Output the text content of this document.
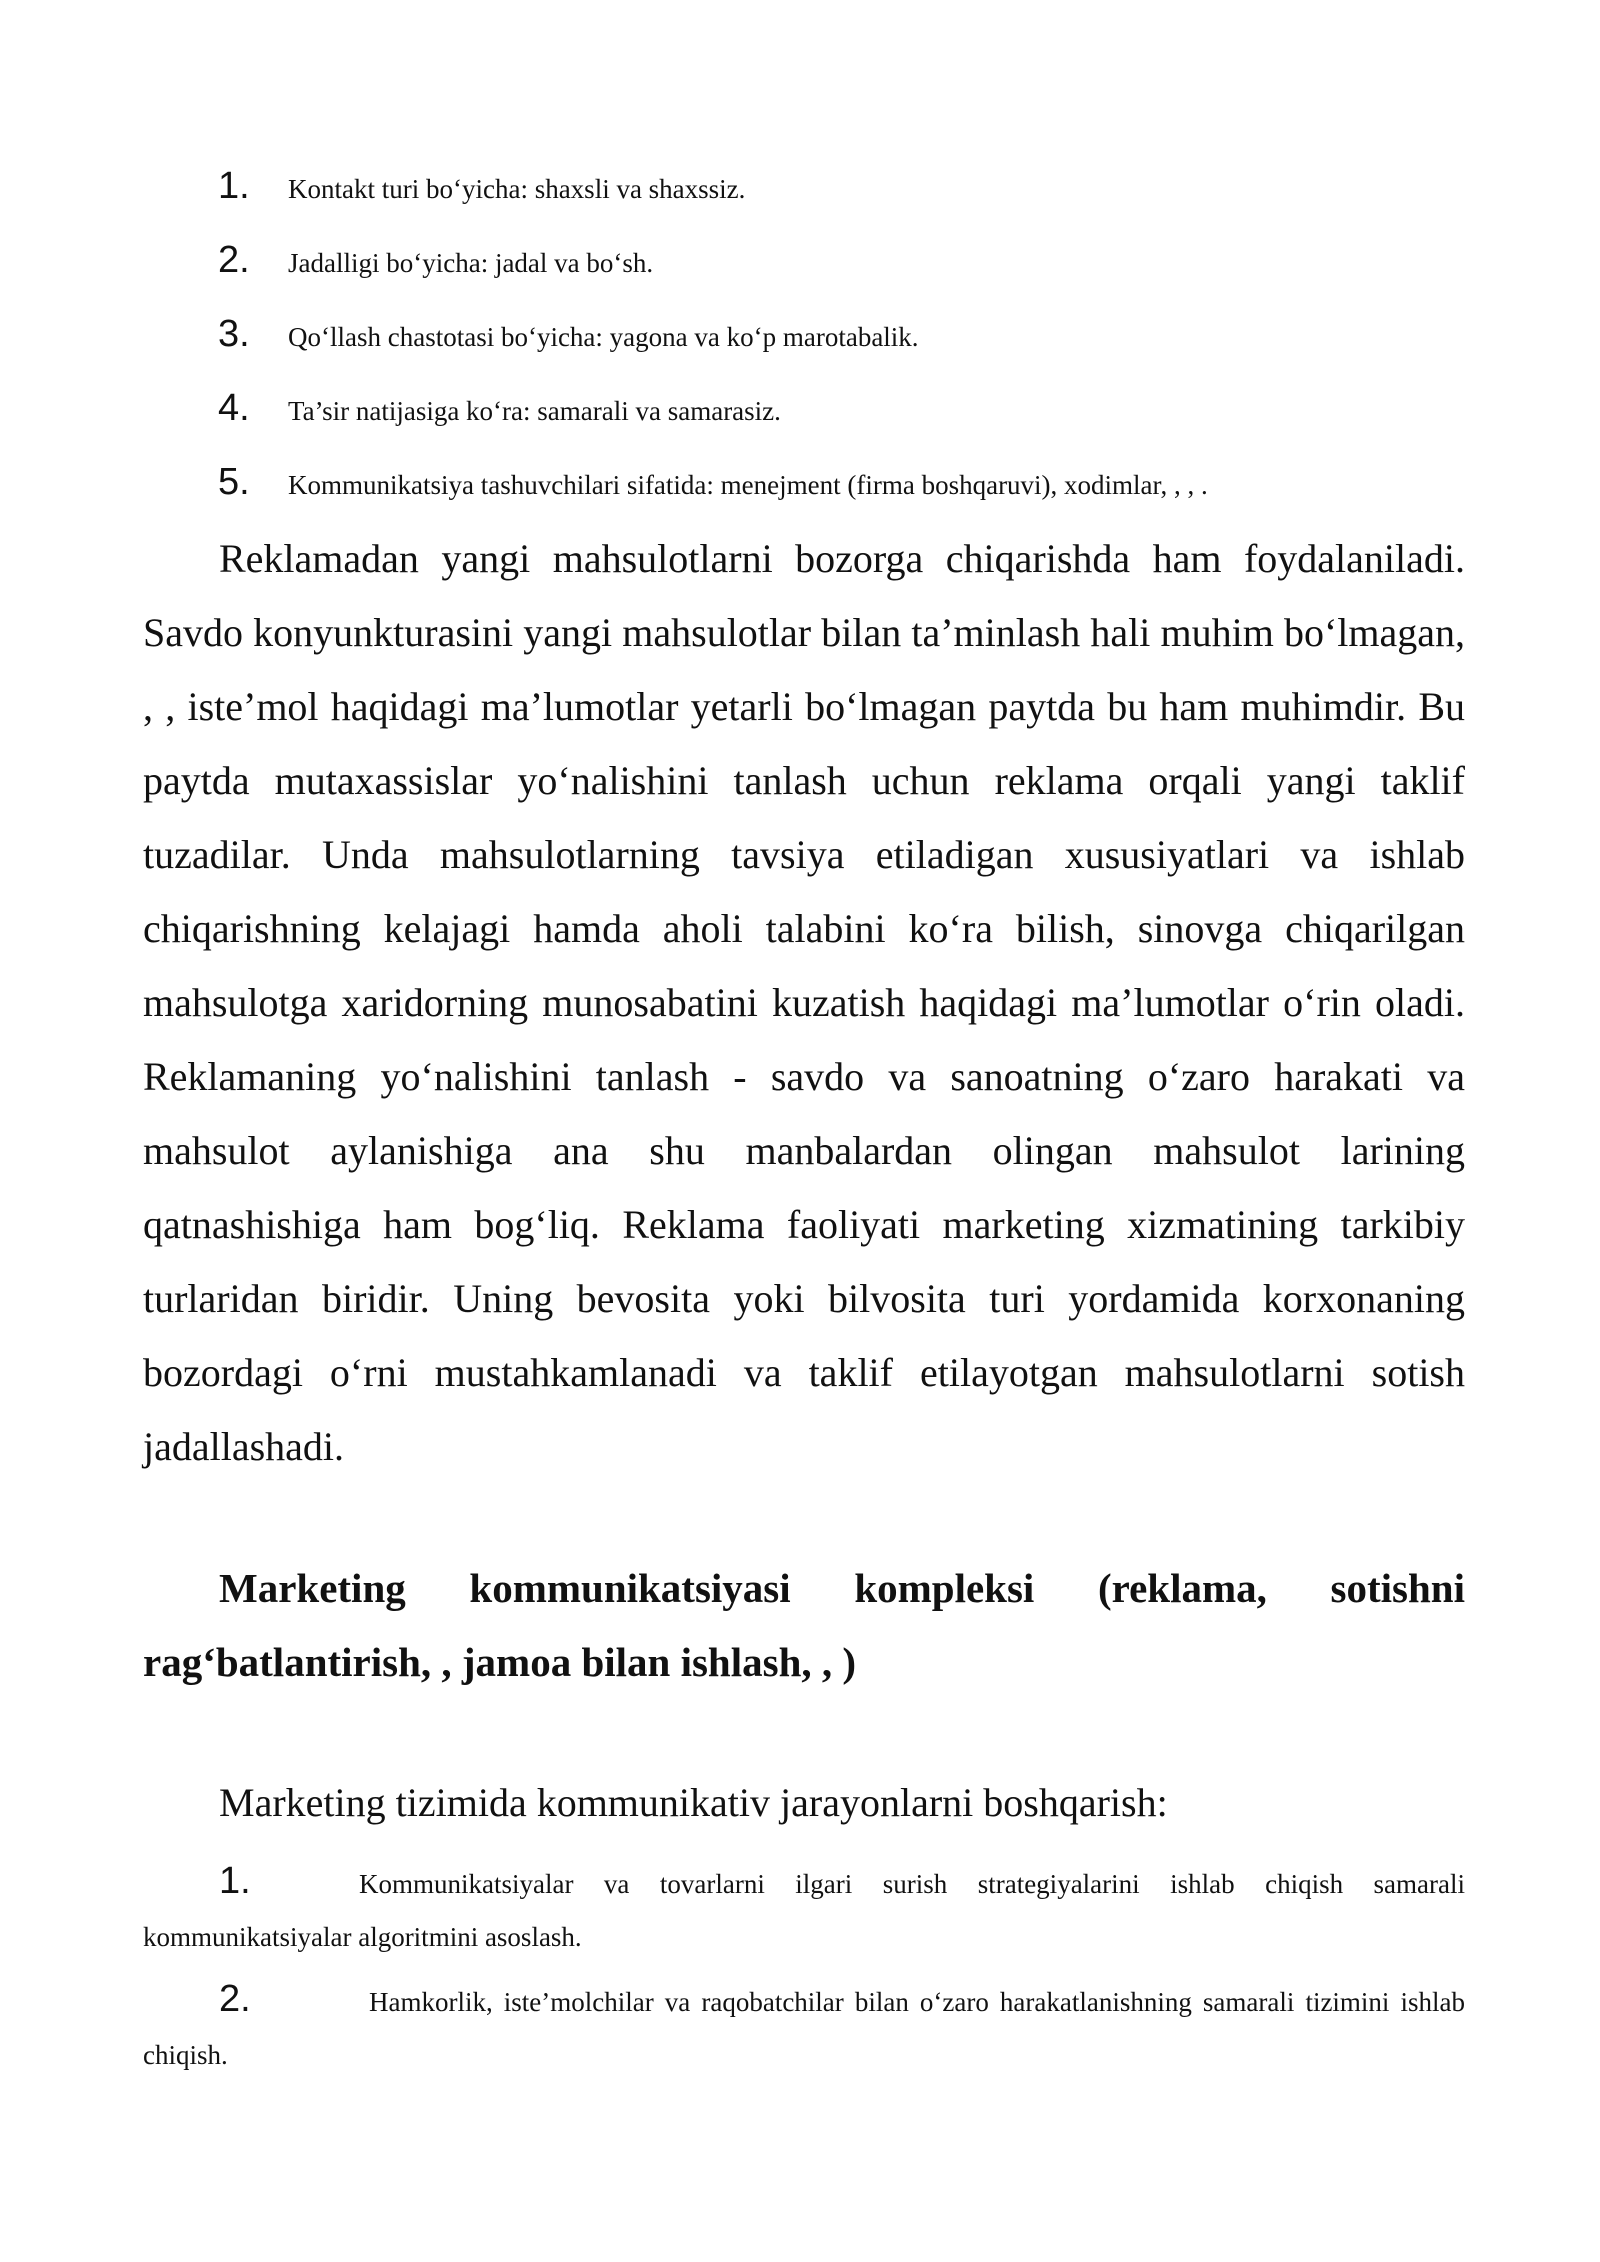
1.	Kontakt turi bo‘yicha: shaxsli va shaxssiz.
2.	Jadalligi bo‘yicha: jadal va bo‘sh.
3.	Qo‘llash chastotasi bo‘yicha: yagona va ko‘p marotabalik.
4.	Ta’sir natijasiga ko‘ra: samarali va samarasiz.
5.	Kommunikatsiya tashuvchilari sifatida: menejment (firma boshqaruvi), xodimlar, , , .

Reklamadan yangi mahsulotlarni bozorga chiqarishda ham foydalaniladi. Savdo konyunkturasini yangi mahsulotlar bilan ta’minlash hali muhim bo‘lmagan, , , iste’mol haqidagi ma’lumotlar yetarli bo‘lmagan paytda bu ham muhimdir. Bu paytda mutaxassislar yo‘nalishini tanlash uchun reklama orqali yangi taklif tuzadilar. Unda mahsulotlarning tavsiya etiladigan xususiyatlari va ishlab chiqarishning kelajagi hamda aholi talabini ko‘ra bilish, sinovga chiqarilgan mahsulotga xaridorning munosabatini kuzatish haqidagi ma’lumotlar o‘rin oladi. Reklamaning yo‘nalishini tanlash - savdo va sanoatning o‘zaro harakati va mahsulot aylanishiga ana shu manbalardan olingan mahsulot larining qatnashishiga ham bog‘liq. Reklama faoliyati marketing xizmatining tarkibiy turlaridan biridir. Uning bevosita yoki bilvosita turi yordamida korxonaning bozordagi o‘rni mustahkamlanadi va taklif etilayotgan mahsulotlarni sotish jadallashadi.

Marketing kommunikatsiyasi kompleksi (reklama, sotishni rag‘batlantirish, , jamoa bilan ishlash, , )

Marketing tizimida kommunikativ jarayonlarni boshqarish:

1.	Kommunikatsiyalar va tovarlarni ilgari surish strategiyalarini ishlab chiqish samarali kommunikatsiyalar algoritmini asoslash.

2.	Hamkorlik, iste’molchilar va raqobatchilar bilan o‘zaro harakatlanishning samarali tizimini ishlab chiqish.
